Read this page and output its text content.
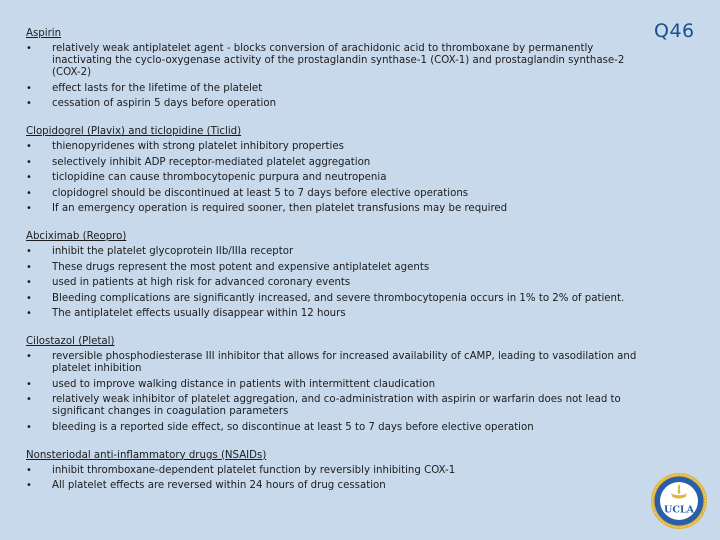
Q46
Aspirin
•	relatively weak antiplatelet agent - blocks conversion of arachidonic acid to thromboxane by permanently inactivating the cyclo-oxygenase activity of the prostaglandin synthase-1 (COX-1) and prostaglandin synthase-2 (COX-2)
•	effect lasts for the lifetime of the platelet
•	cessation of aspirin 5 days before operation
Clopidogrel (Plavix) and ticlopidine (Ticlid)
•	thienopyridenes with strong platelet inhibitory properties
•	selectively inhibit ADP receptor-mediated platelet aggregation
•	ticlopidine can cause thrombocytopenic purpura and neutropenia
•	clopidogrel should be discontinued at least 5 to 7 days before elective operations
•	If an emergency operation is required sooner, then platelet transfusions may be required
Abciximab (Reopro)
•	inhibit the platelet glycoprotein IIb/IIIa receptor
•	These drugs represent the most potent and expensive antiplatelet agents
•	used in patients at high risk for advanced coronary events
•	Bleeding complications are significantly increased, and severe thrombocytopenia occurs in 1% to 2% of patient.
•	The antiplatelet effects usually disappear within 12 hours
Cilostazol (Pletal)
•	reversible phosphodiesterase III inhibitor that allows for increased availability of cAMP, leading to vasodilation and platelet inhibition
•	used to improve walking distance in patients with intermittent claudication
•	relatively weak inhibitor of platelet aggregation, and co-administration with aspirin or warfarin does not lead to significant changes in coagulation parameters
•	bleeding is a reported side effect, so discontinue at least 5 to 7 days before elective operation
Nonsteriodal anti-inflammatory drugs (NSAIDs)
•	inhibit thromboxane-dependent platelet function by reversibly inhibiting COX-1
•	All platelet effects are reversed within 24 hours of drug cessation
UCLA
